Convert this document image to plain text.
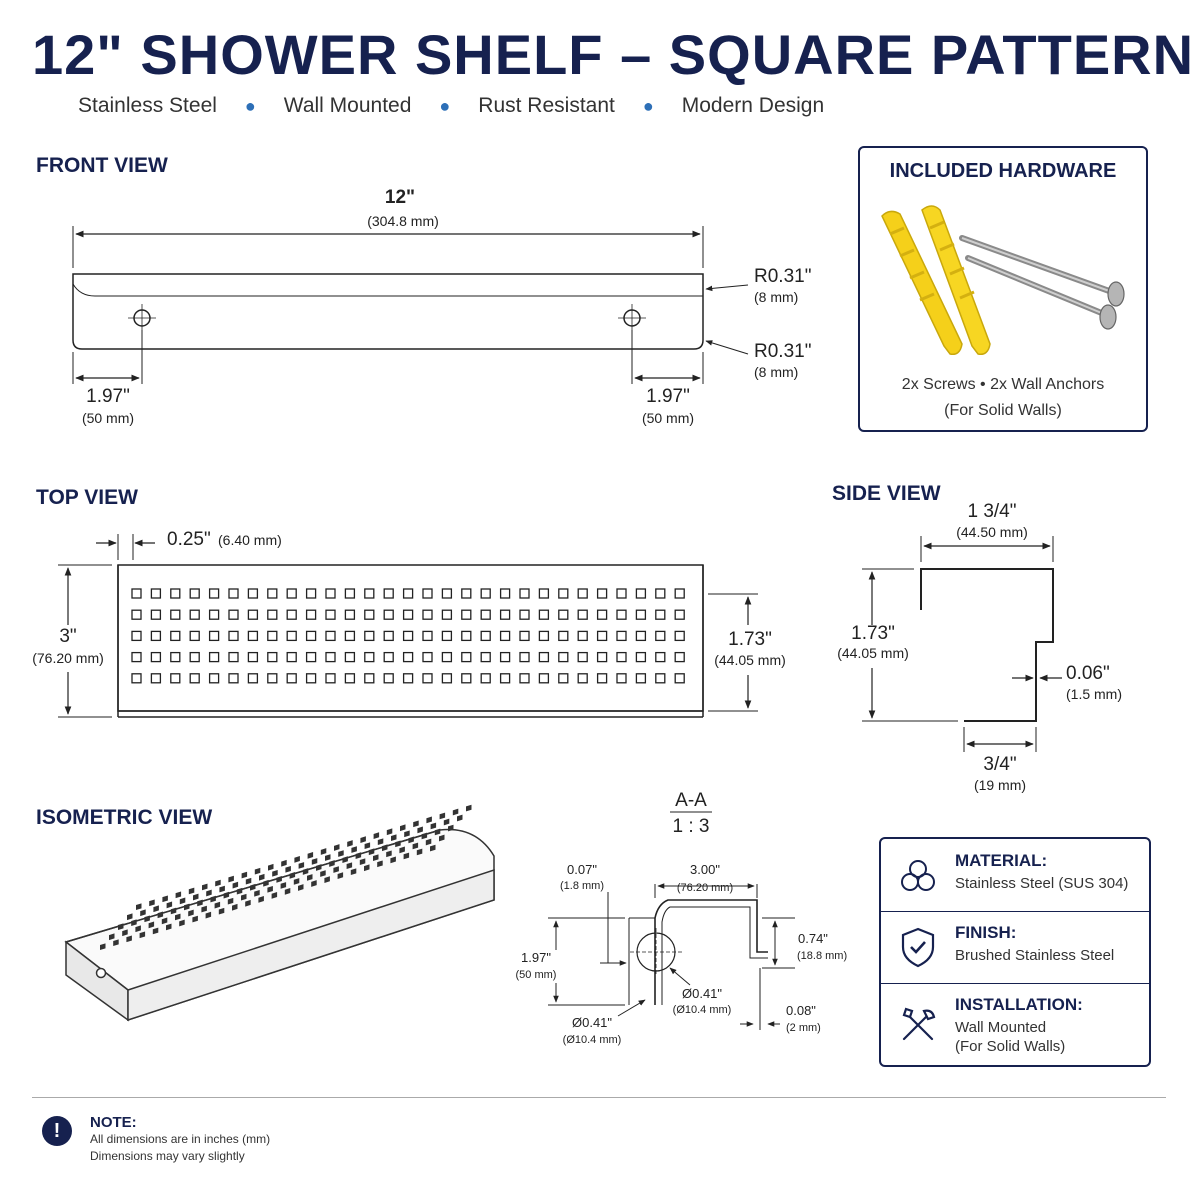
12" SHOWER SHELF – SQUARE PATTERN
Stainless Steel ● Wall Mounted ● Rust Resistant ● Modern Design
FRONT VIEW
TOP VIEW	SIDE VIEW
ISOMETRIC VIEW
12"
(304.8 mm)
R0.31"
(8 mm)
R0.31"
(8 mm)
1.97"
(50 mm)
1.97"
(50 mm)
0.25" (6.40 mm)
3"
(76.20 mm)
1.73"
(44.05 mm)
1 3/4"
(44.50 mm)
1.73"
(44.05 mm)
0.06"
(1.5 mm)
3/4"
(19 mm)
A-A
1 : 3
0.07"
(1.8 mm)
3.00"
(76.20 mm)
1.97"
(50 mm)
0.74"
(18.8 mm)
0.08"
(2 mm)
Ø0.41"
(Ø10.4 mm)
Ø0.41"
(Ø10.4 mm)
INCLUDED HARDWARE
2x Screws • 2x Wall Anchors
(For Solid Walls)
MATERIAL:
Stainless Steel (SUS 304)
FINISH:
Brushed Stainless Steel
INSTALLATION:
Wall Mounted
(For Solid Walls)
!	NOTE:
All dimensions are in inches (mm)
Dimensions may vary slightly
